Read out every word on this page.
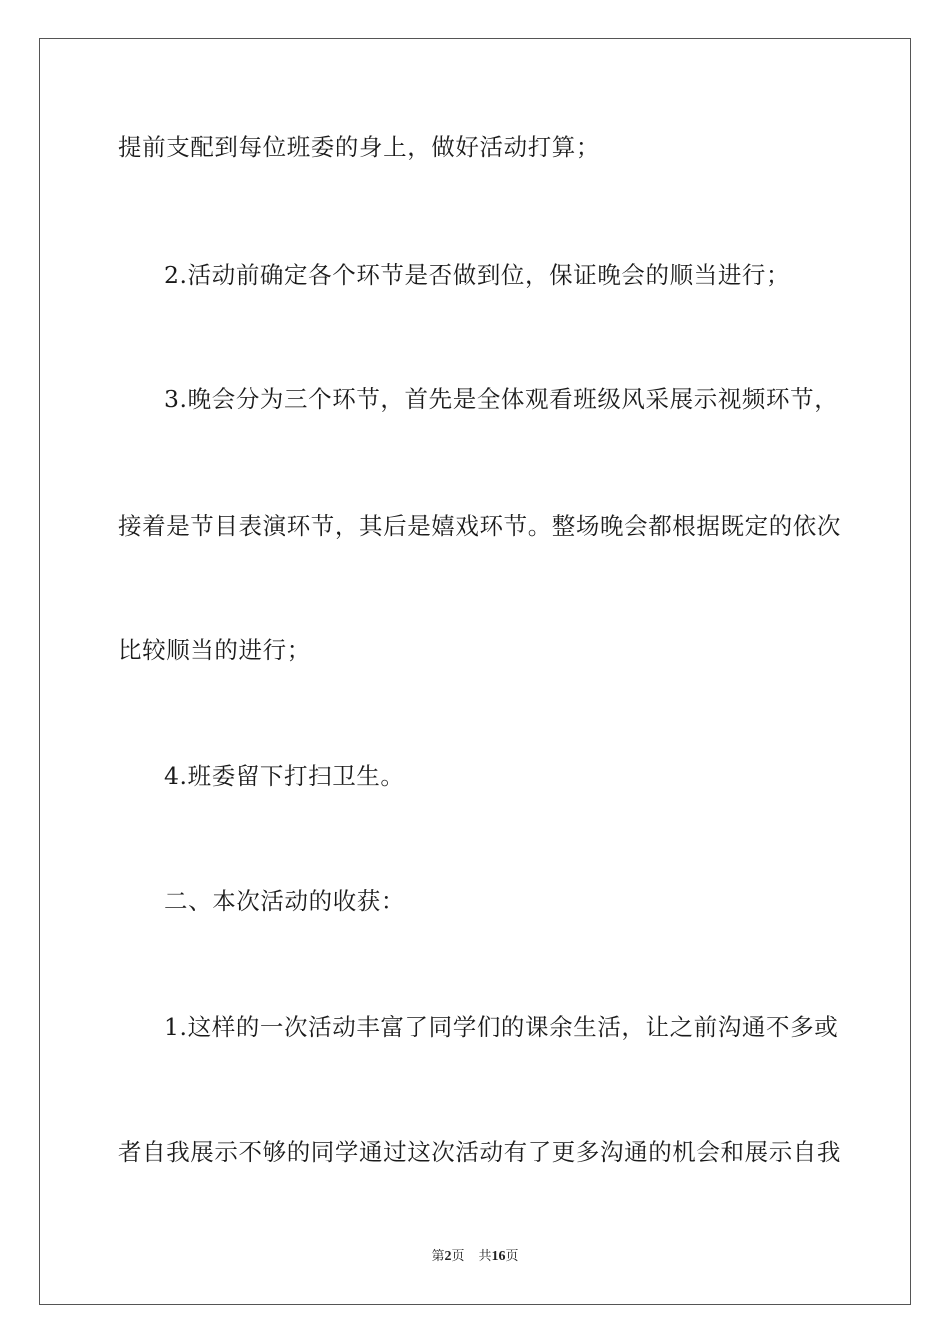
提前支配到每位班委的身上，做好活动打算；
2.活动前确定各个环节是否做到位，保证晚会的顺当进行；
3.晚会分为三个环节，首先是全体观看班级风采展示视频环节，
接着是节目表演环节，其后是嬉戏环节。整场晚会都根据既定的依次
比较顺当的进行；
4.班委留下打扫卫生。
二、本次活动的收获：
1.这样的一次活动丰富了同学们的课余生活，让之前沟通不多或
者自我展示不够的同学通过这次活动有了更多沟通的机会和展示自我
第2页 共16页
